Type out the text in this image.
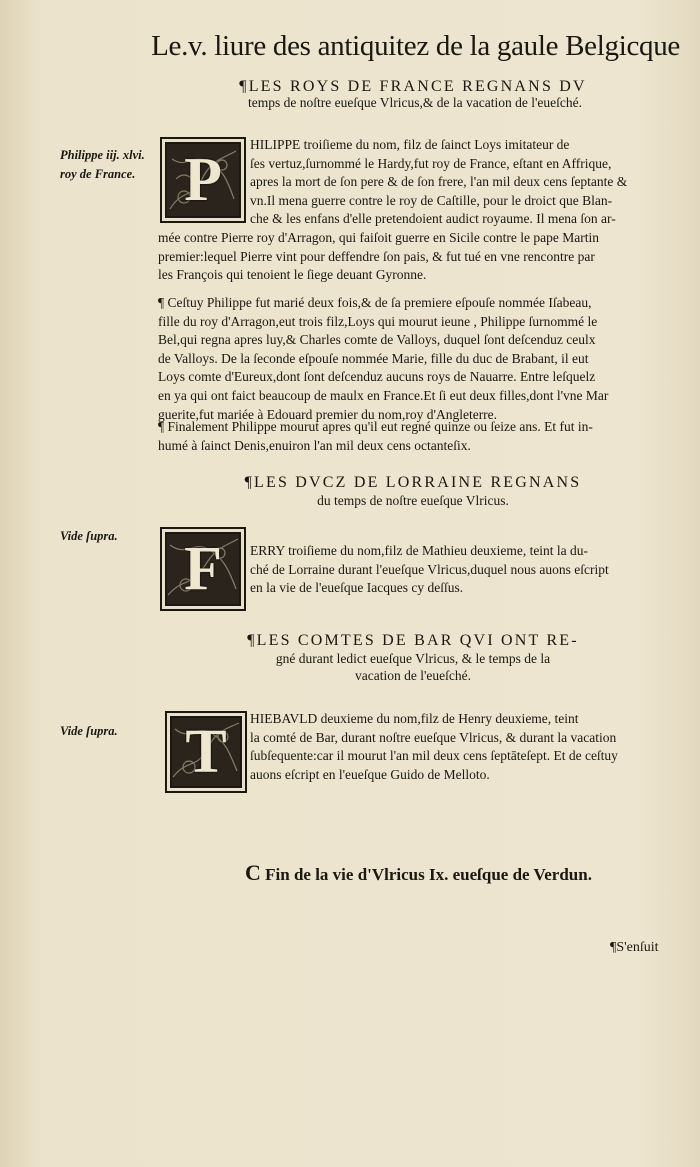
Le.v. liure des antiquitez de la gaule Belgicque
¶LES ROYS DE FRANCE REGNANS DV
temps de noſtre eueſque Vlricus,& de la vacation de l'eueſché.
Philippe iij. xlvi.
roy de France. P
HILIPPE troiſieme du nom, filz de ſainct Loys imitateur de
ſes vertuz,ſurnommé le Hardy,fut roy de France, eſtant en Affrique,
apres la mort de ſon pere & de ſon frere, l'an mil deux cens ſeptante &
vn.Il mena guerre contre le roy de Caſtille, pour le droict que Blan-
che & les enfans d'elle pretendoient audict royaume. Il mena ſon ar-
mée contre Pierre roy d'Arragon, qui faiſoit guerre en Sicile contre le pape Martin
premier:lequel Pierre vint pour deffendre ſon pais, & fut tué en vne rencontre par
les François qui tenoient le ſiege deuant Gyronne.
¶ Ceſtuy Philippe fut marié deux fois,& de ſa premiere eſpouſe nommée Iſabeau,
fille du roy d'Arragon,eut trois filz,Loys qui mourut ieune , Philippe ſurnommé le
Bel,qui regna apres luy,& Charles comte de Valloys, duquel ſont deſcenduz ceulx
de Valloys. De la ſeconde eſpouſe nommée Marie, fille du duc de Brabant, il eut
Loys comte d'Eureux,dont ſont deſcenduz aucuns roys de Nauarre. Entre leſquelz
en ya qui ont faict beaucoup de maulx en France.Et ſi eut deux filles,dont l'vne Mar
guerite,fut mariée à Edouard premier du nom,roy d'Angleterre.
¶ Finalement Philippe mourut apres qu'il eut regné quinze ou ſeize ans. Et fut in-
humé à ſainct Denis,enuiron l'an mil deux cens octanteſix.
¶LES DVCZ DE LORRAINE REGNANS
du temps de noſtre eueſque Vlricus.
Vide ſupra. F ERRY troiſieme du nom,filz de Mathieu deuxieme, teint la du-
ché de Lorraine durant l'eueſque Vlricus,duquel nous auons eſcript
en la vie de l'eueſque Iacques cy deſſus.
¶LES COMTES DE BAR QVI ONT RE-
gné durant ledict eueſque Vlricus, & le temps de la
vacation de l'eueſché.
Vide ſupra. T HIEBAVLD deuxieme du nom,filz de Henry deuxieme, teint
la comté de Bar, durant noſtre eueſque Vlricus, & durant la vacation
ſubſequente:car il mourut l'an mil deux cens ſeptāteſept. Et de ceſtuy
auons eſcript en l'eueſque Guido de Melloto.
C Fin de la vie d'Vlricus Ix. eueſque de Verdun.
¶S'enſuit
